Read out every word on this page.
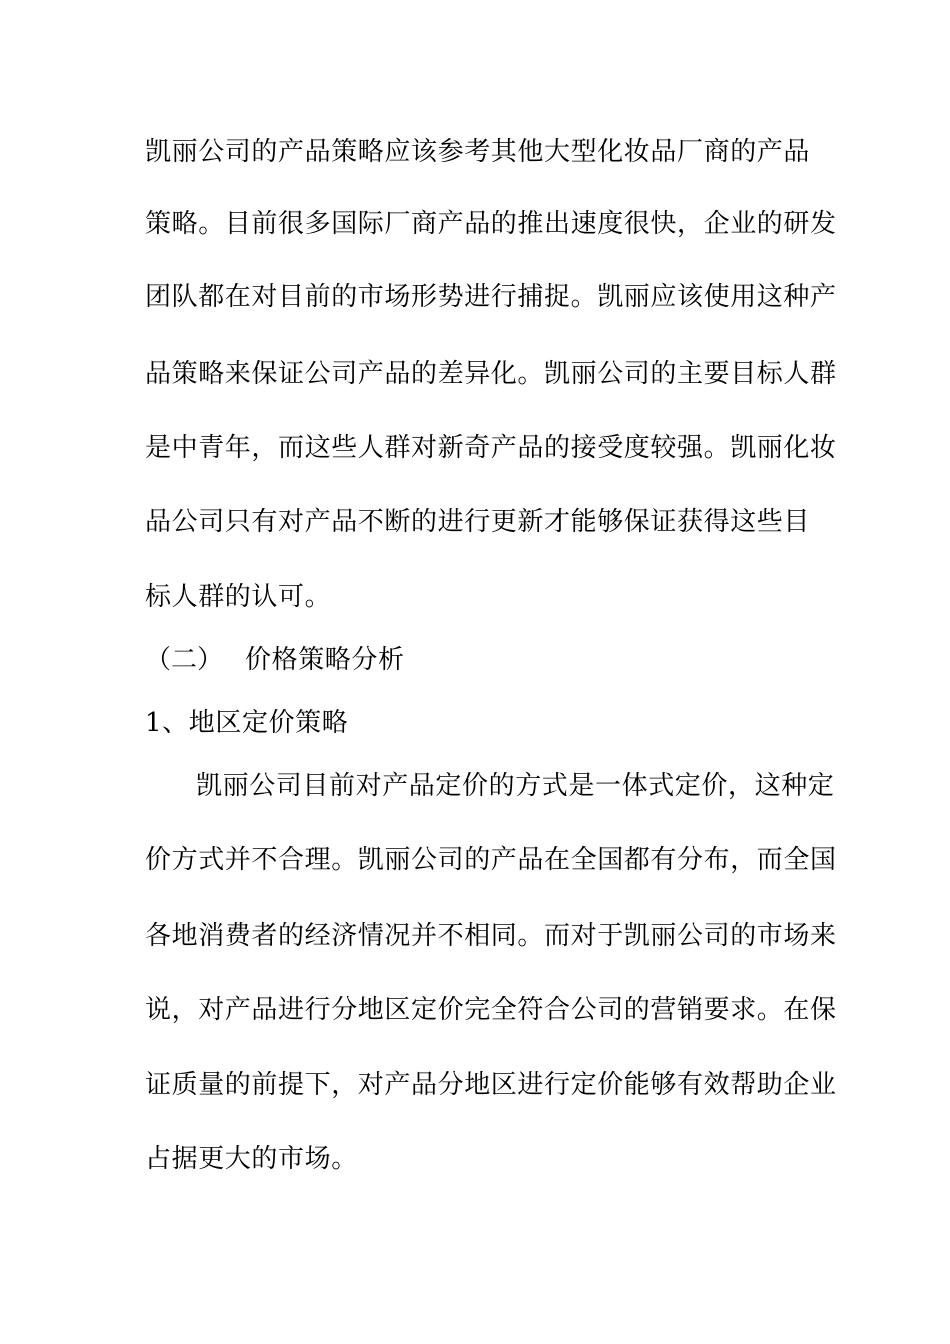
凯丽公司的产品策略应该参考其他大型化妆品厂商的产品
策略。目前很多国际厂商产品的推出速度很快，企业的研发
团队都在对目前的市场形势进行捕捉。凯丽应该使用这种产
品策略来保证公司产品的差异化。凯丽公司的主要目标人群
是中青年，而这些人群对新奇产品的接受度较强。凯丽化妆
品公司只有对产品不断的进行更新才能够保证获得这些目
标人群的认可。
（二） 价格策略分析
1、地区定价策略
凯丽公司目前对产品定价的方式是一体式定价，这种定
价方式并不合理。凯丽公司的产品在全国都有分布，而全国
各地消费者的经济情况并不相同。而对于凯丽公司的市场来
说，对产品进行分地区定价完全符合公司的营销要求。在保
证质量的前提下，对产品分地区进行定价能够有效帮助企业
占据更大的市场。
